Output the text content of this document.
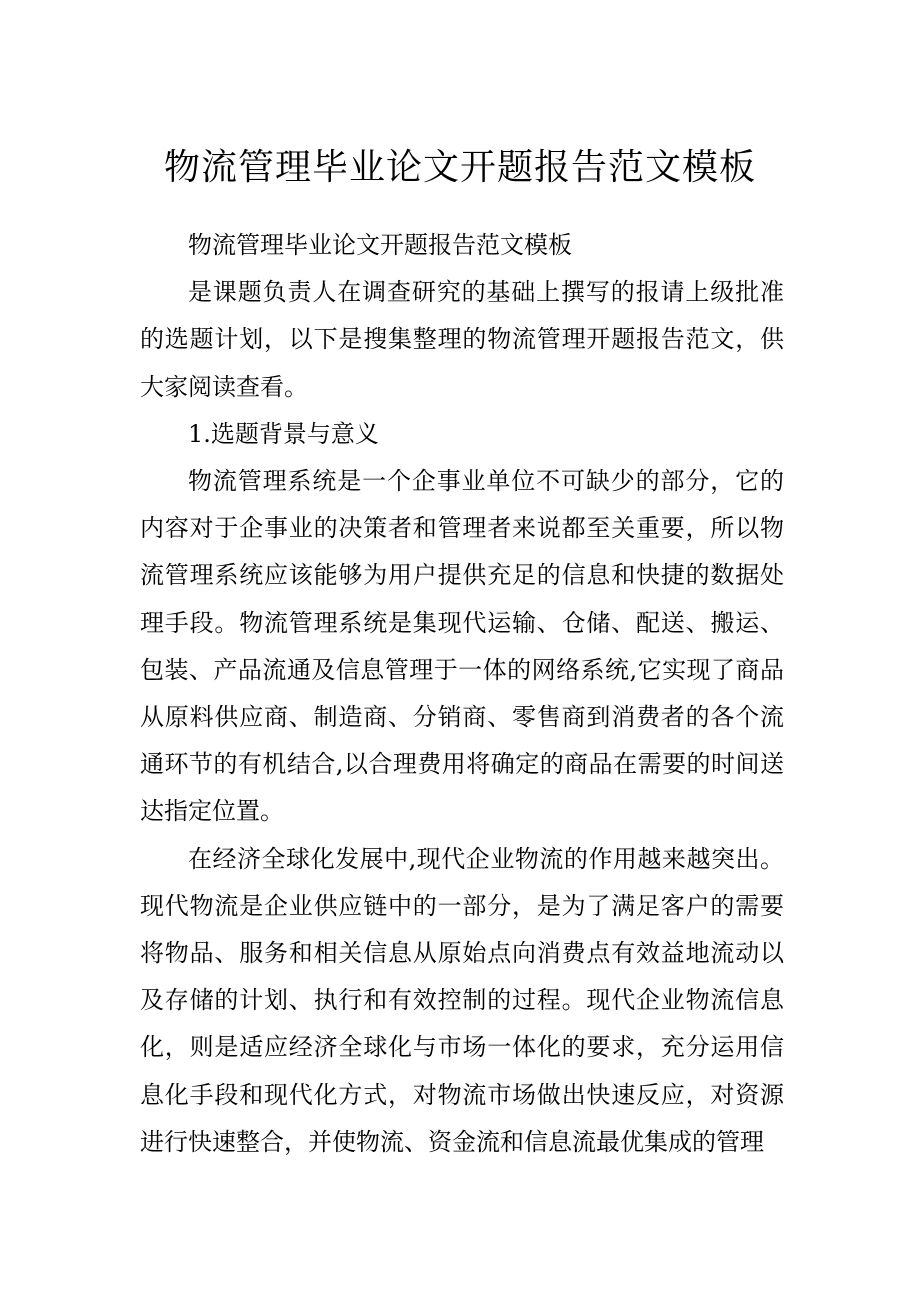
物流管理毕业论文开题报告范文模板

物流管理毕业论文开题报告范文模板

是课题负责人在调查研究的基础上撰写的报请上级批准的选题计划，以下是搜集整理的物流管理开题报告范文，供大家阅读查看。

1.选题背景与意义

物流管理系统是一个企事业单位不可缺少的部分，它的内容对于企事业的决策者和管理者来说都至关重要，所以物流管理系统应该能够为用户提供充足的信息和快捷的数据处理手段。物流管理系统是集现代运输、仓储、配送、搬运、包装、产品流通及信息管理于一体的网络系统,它实现了商品从原料供应商、制造商、分销商、零售商到消费者的各个流通环节的有机结合,以合理费用将确定的商品在需要的时间送达指定位置。

在经济全球化发展中,现代企业物流的作用越来越突出。现代物流是企业供应链中的一部分，是为了满足客户的需要将物品、服务和相关信息从原始点向消费点有效益地流动以及存储的计划、执行和有效控制的过程。现代企业物流信息化，则是适应经济全球化与市场一体化的要求，充分运用信息化手段和现代化方式，对物流市场做出快速反应，对资源进行快速整合，并使物流、资金流和信息流最优集成的管理
